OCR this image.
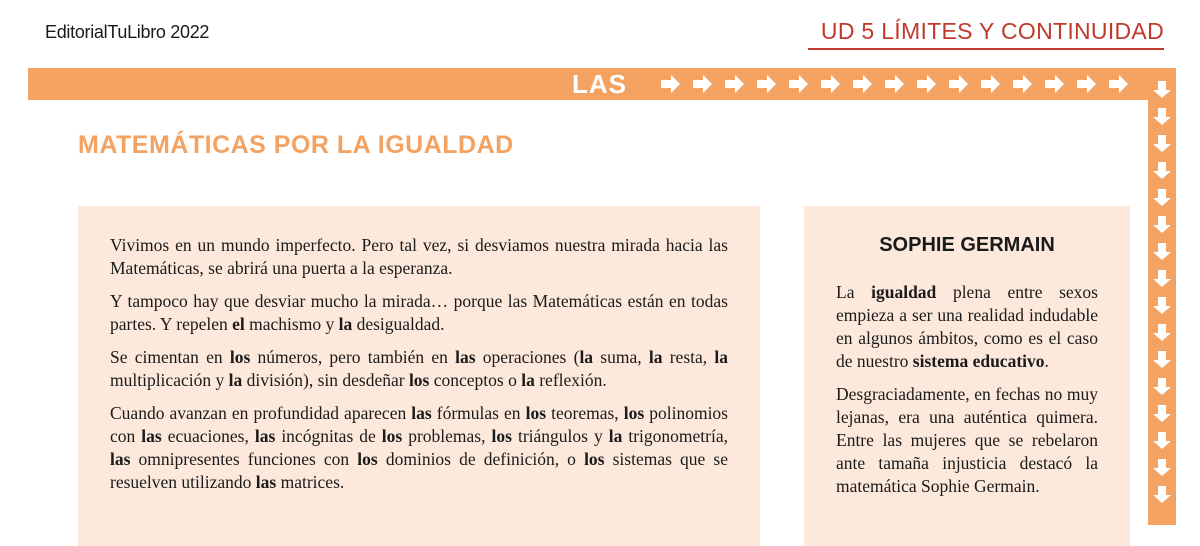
EditorialTuLibro 2022	UD 5 LÍMITES Y CONTINUIDAD
LAS
MATEMÁTICAS POR LA IGUALDAD

Vivimos en un mundo imperfecto. Pero tal vez, si desviamos nuestra mirada hacia las Matemáticas, se abrirá una puerta a la esperanza.

Y tampoco hay que desviar mucho la mirada… porque las Matemáticas están en todas partes. Y repelen el machismo y la desigualdad.

Se cimentan en los números, pero también en las operaciones (la suma, la resta, la multiplicación y la división), sin desdeñar los conceptos o la reflexión.

Cuando avanzan en profundidad aparecen las fórmulas en los teoremas, los polinomios con las ecuaciones, las incógnitas de los problemas, los triángulos y la trigonometría, las omnipresentes funciones con los dominios de definición, o los sistemas que se resuelven utilizando las matrices.

SOPHIE GERMAIN

La igualdad plena entre sexos empieza a ser una realidad indudable en algunos ámbitos, como es el caso de nuestro sistema educativo.

Desgraciadamente, en fechas no muy lejanas, era una auténtica quimera. Entre las mujeres que se rebelaron ante tamaña injusticia destacó la matemática Sophie Germain.
